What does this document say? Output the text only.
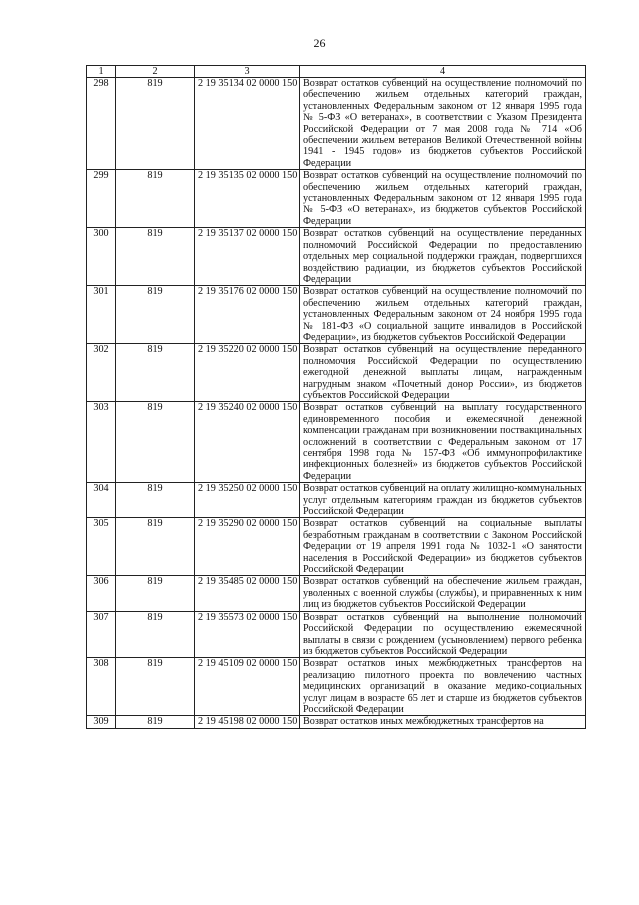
26
1	2	3	4
298	819	2 19 35134 02 0000 150	Возврат остатков субвенций на осуществление полномочий по обеспечению жильем отдельных категорий граждан, установленных Федеральным законом от 12 января 1995 года № 5-ФЗ «О ветеранах», в соответствии с Указом Президента Российской Федерации от 7 мая 2008 года № 714 «Об обеспечении жильем ветеранов Великой Отечественной войны 1941 - 1945 годов» из бюджетов субъектов Российской Федерации
299	819	2 19 35135 02 0000 150	Возврат остатков субвенций на осуществление полномочий по обеспечению жильем отдельных категорий граждан, установленных Федеральным законом от 12 января 1995 года № 5-ФЗ «О ветеранах», из бюджетов субъектов Российской Федерации
300	819	2 19 35137 02 0000 150	Возврат остатков субвенций на осуществление переданных полномочий Российской Федерации по предоставлению отдельных мер социальной поддержки граждан, подвергшихся воздействию радиации, из бюджетов субъектов Российской Федерации
301	819	2 19 35176 02 0000 150	Возврат остатков субвенций на осуществление полномочий по обеспечению жильем отдельных категорий граждан, установленных Федеральным законом от 24 ноября 1995 года № 181-ФЗ «О социальной защите инвалидов в Российской Федерации», из бюджетов субъектов Российской Федерации
302	819	2 19 35220 02 0000 150	Возврат остатков субвенций на осуществление переданного полномочия Российской Федерации по осуществлению ежегодной денежной выплаты лицам, награжденным нагрудным знаком «Почетный донор России», из бюджетов субъектов Российской Федерации
303	819	2 19 35240 02 0000 150	Возврат остатков субвенций на выплату государственного единовременного пособия и ежемесячной денежной компенсации гражданам при возникновении поствакцинальных осложнений в соответствии с Федеральным законом от 17 сентября 1998 года № 157-ФЗ «Об иммунопрофилактике инфекционных болезней» из бюджетов субъектов Российской Федерации
304	819	2 19 35250 02 0000 150	Возврат остатков субвенций на оплату жилищно-коммунальных услуг отдельным категориям граждан из бюджетов субъектов Российской Федерации
305	819	2 19 35290 02 0000 150	Возврат остатков субвенций на социальные выплаты безработным гражданам в соответствии с Законом Российской Федерации от 19 апреля 1991 года № 1032-1 «О занятости населения в Российской Федерации» из бюджетов субъектов Российской Федерации
306	819	2 19 35485 02 0000 150	Возврат остатков субвенций на обеспечение жильем граждан, уволенных с военной службы (службы), и приравненных к ним лиц из бюджетов субъектов Российской Федерации
307	819	2 19 35573 02 0000 150	Возврат остатков субвенций на выполнение полномочий Российской Федерации по осуществлению ежемесячной выплаты в связи с рождением (усыновлением) первого ребенка из бюджетов субъектов Российской Федерации
308	819	2 19 45109 02 0000 150	Возврат остатков иных межбюджетных трансфертов на реализацию пилотного проекта по вовлечению частных медицинских организаций в оказание медико-социальных услуг лицам в возрасте 65 лет и старше из бюджетов субъектов Российской Федерации
309	819	2 19 45198 02 0000 150	Возврат остатков иных межбюджетных трансфертов на
